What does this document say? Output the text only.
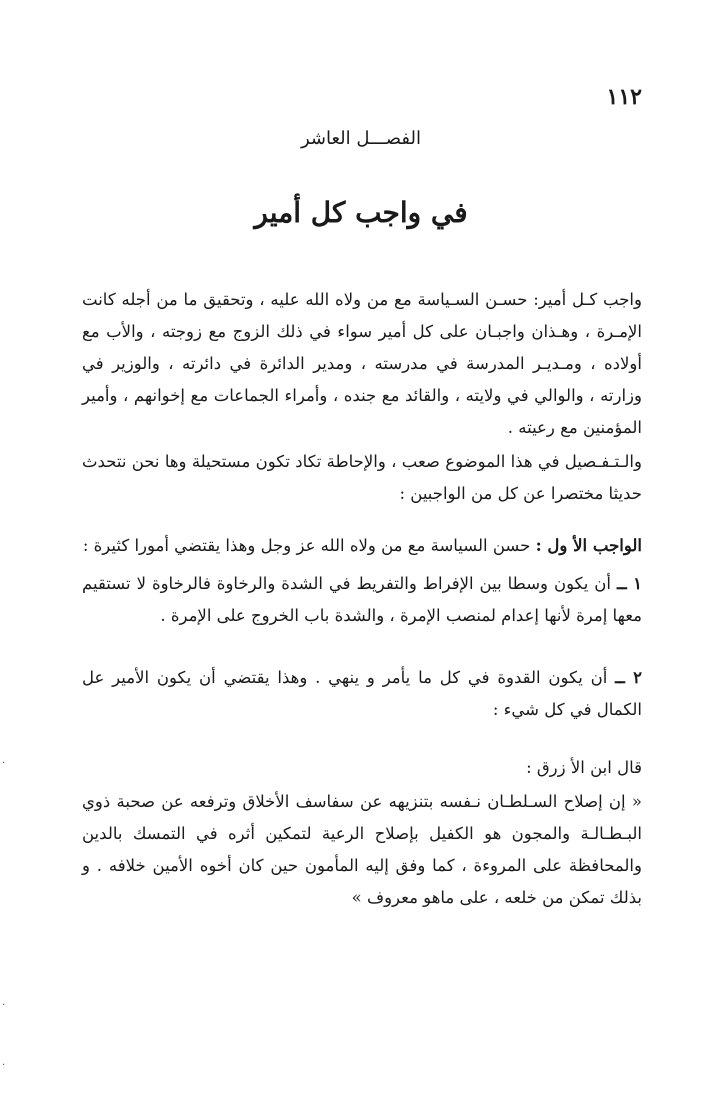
١١٢
الفصـــل العاشر
في واجب كل أمير

واجب كـل أمير: حسـن السـياسة مع من ولاه الله عليه ، وتحقيق ما من أجله كانت الإمـرة ، وهـذان واجبـان على كل أمير سواء في ذلك الزوج مع زوجته ، والأب مع أولاده ، ومـديـر المدرسة في مدرسته ، ومدير الدائرة في دائرته ، والوزير في وزارته ، والوالي في ولايته ، والقائد مع جنده ، وأمراء الجماعات مع إخوانهم ، وأمير المؤمنين مع رعيته .

والـتـفـصيل في هذا الموضوع صعب ، والإحاطة تكاد تكون مستحيلة وها نحن نتحدث حديثا مختصرا عن كل من الواجبين :

الواجب الأ ول : حسن السياسة مع من ولاه الله عز وجل وهذا يقتضي أمورا كثيرة :

١ ــ أن يكون وسطا بين الإفراط والتفريط في الشدة والرخاوة فالرخاوة لا تستقيم معها إمرة لأنها إعدام لمنصب الإمرة ، والشدة باب الخروج على الإمرة .

٢ ــ أن يكون القدوة في كل ما يأمر و ينهي . وهذا يقتضي أن يكون الأمير عل الكمال في كل شيء :

قال ابن الأ زرق :

« إن إصلاح السـلطـان نـفسه بتنزيهه عن سفاسف الأخلاق وترفعه عن صحبة ذوي البـطـالـة والمجون هو الكفيل بإصلاح الرعية لتمكين أثره في التمسك بالدين والمحافظة على المروءة ، كما وفق إليه المأمون حين كان أخوه الأمين خلافه . و بذلك تمكن من خلعه ، على ماهو معروف »

·
·
·
